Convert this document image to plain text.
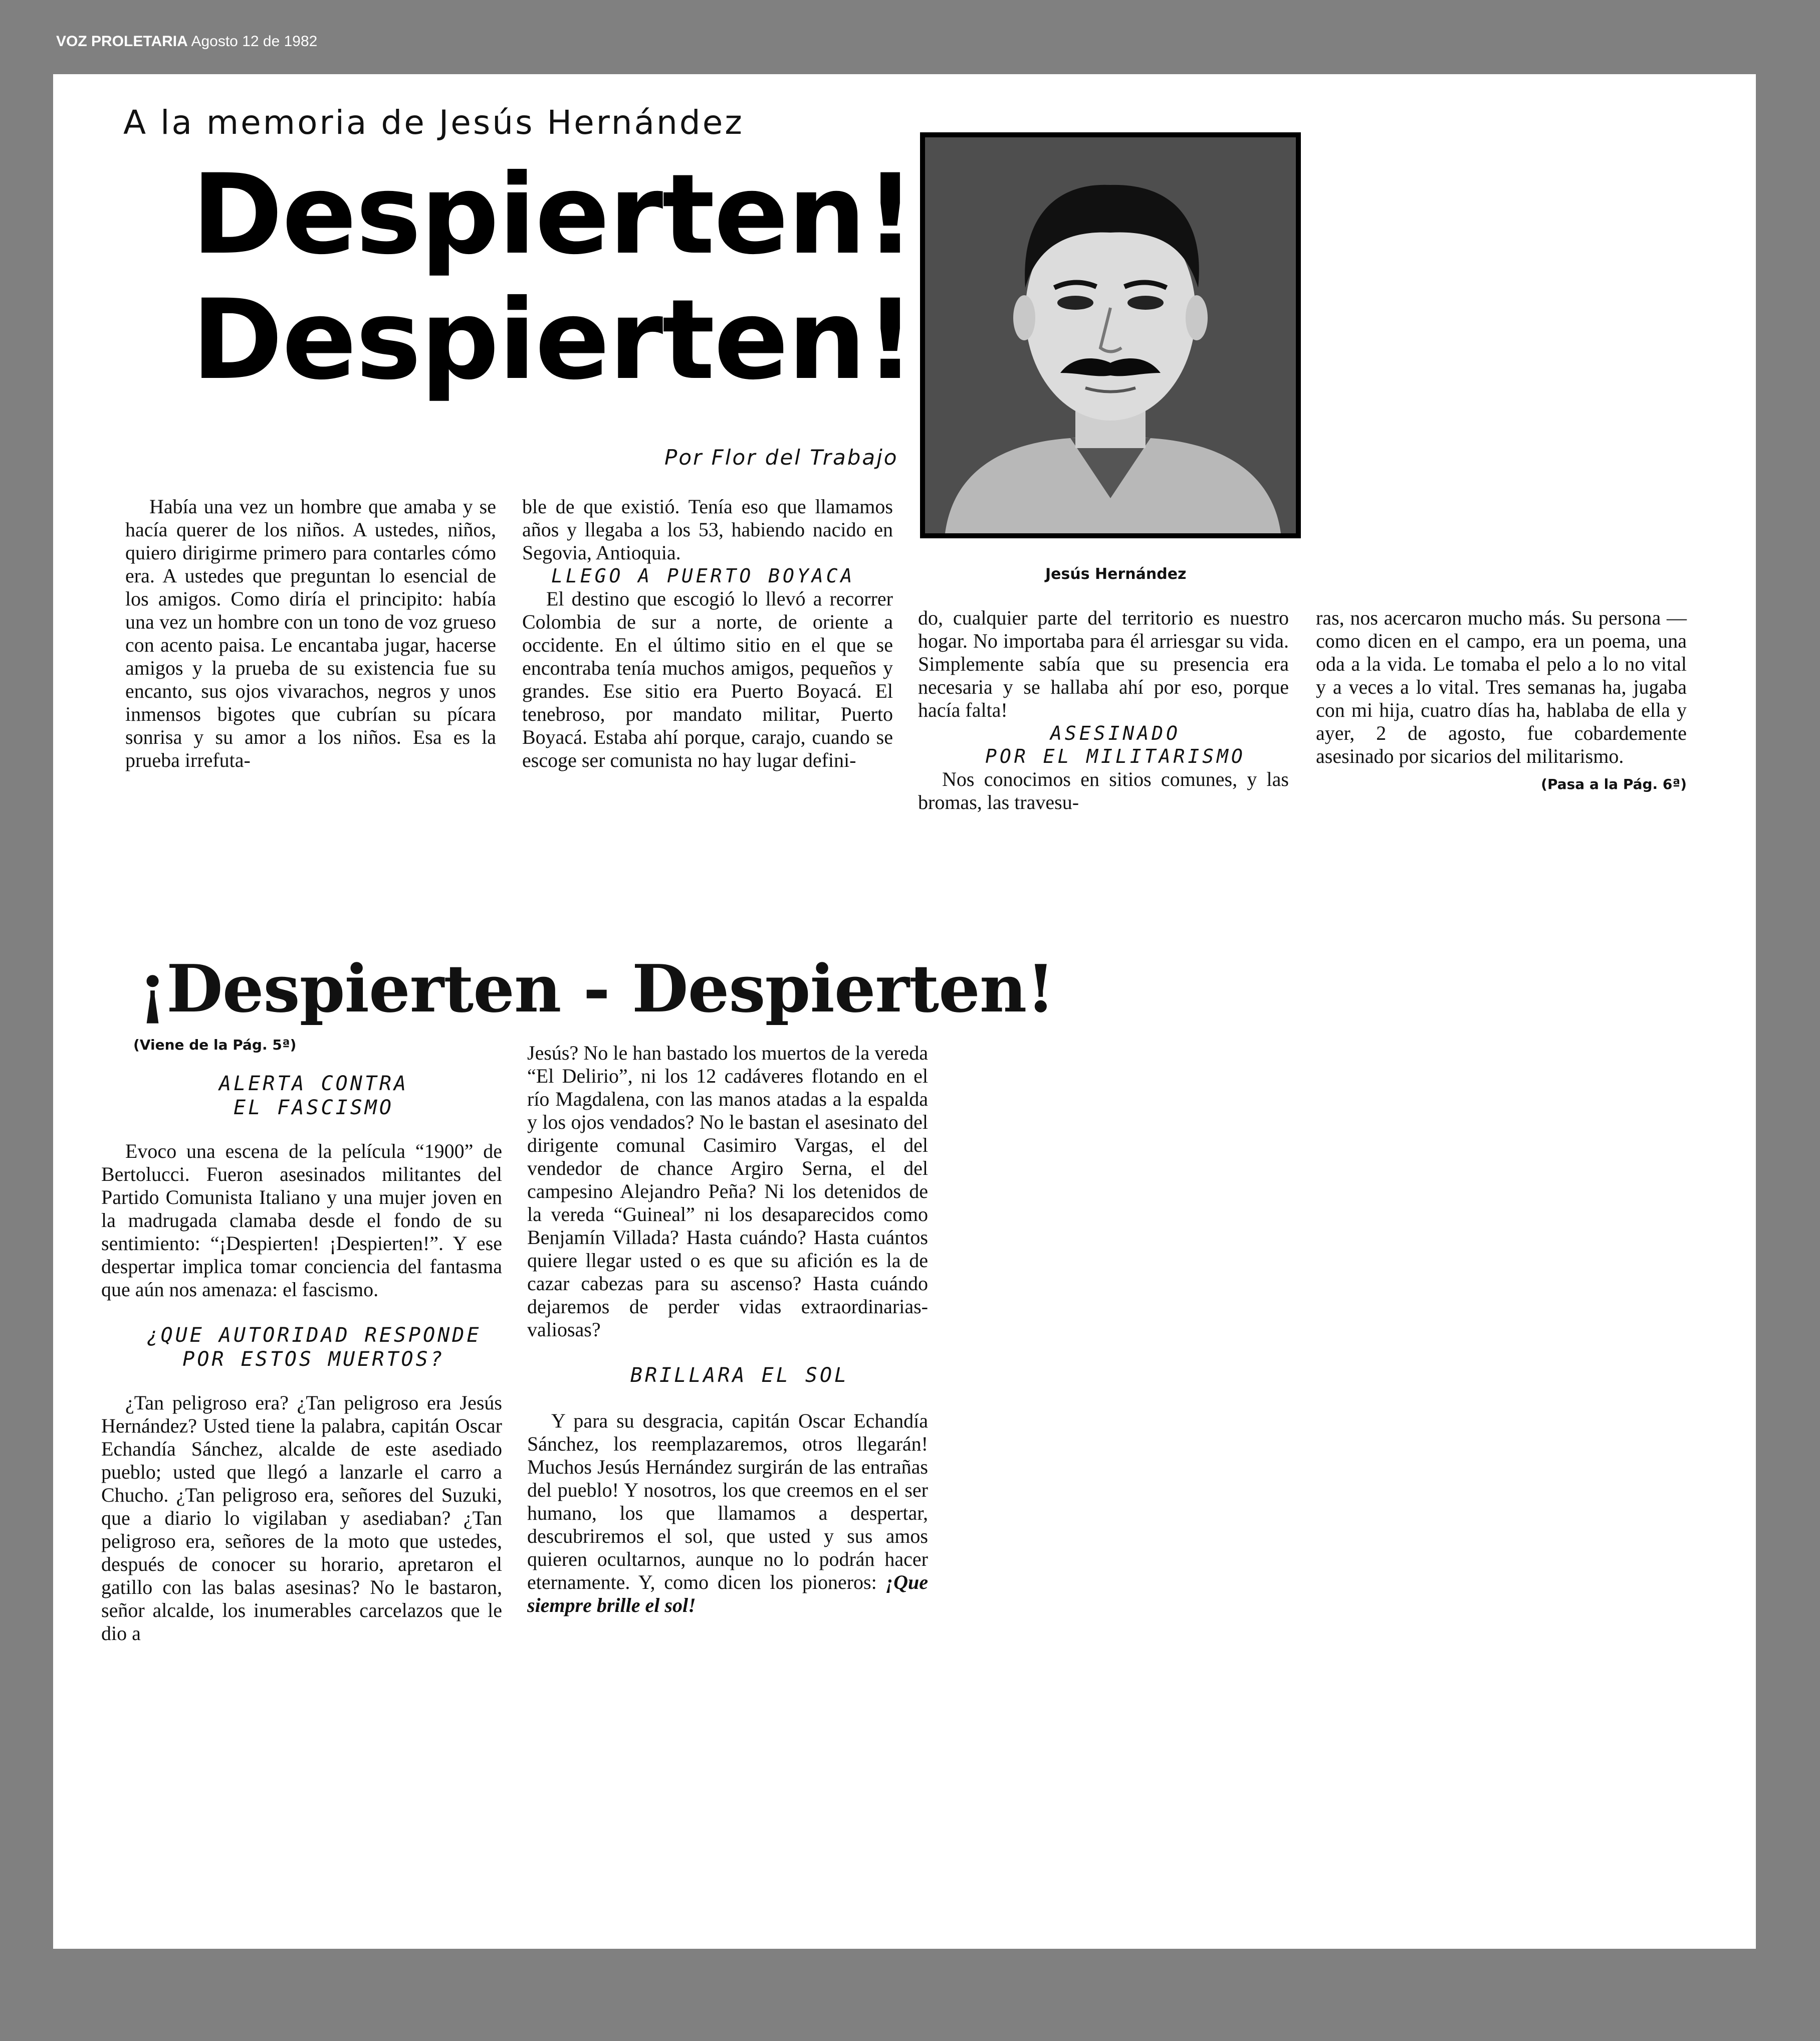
VOZ PROLETARIA Agosto 12 de 1982
A la memoria de Jesús Hernández
Despierten!
Despierten!
Por Flor del Trabajo
Jesús Hernández

Había una vez un hombre que amaba y se hacía querer de los niños. A ustedes, niños, quiero dirigirme primero para contarles cómo era. A ustedes que preguntan lo esencial de los amigos. Como diría el principito: había una vez un hombre con un tono de voz grueso con acento paisa. Le encantaba jugar, hacerse amigos y la prueba de su existencia fue su encanto, sus ojos vivarachos, negros y unos inmensos bigotes que cubrían su pícara sonrisa y su amor a los niños. Esa es la prueba irrefuta-

ble de que existió. Tenía eso que llamamos años y llegaba a los 53, habiendo nacido en Segovia, Antioquia.

LLEGO A PUERTO BOYACA

El destino que escogió lo llevó a recorrer Colombia de sur a norte, de oriente a occidente. En el último sitio en el que se encontraba tenía muchos amigos, pequeños y grandes. Ese sitio era Puerto Boyacá. El tenebroso, por mandato militar, Puerto Boyacá. Estaba ahí porque, carajo, cuando se escoge ser comunista no hay lugar defini-

do, cualquier parte del territorio es nuestro hogar. No importaba para él arriesgar su vida. Simplemente sabía que su presencia era necesaria y se hallaba ahí por eso, porque hacía falta!

ASESINADO

POR EL MILITARISMO

Nos conocimos en sitios comunes, y las bromas, las travesu-

ras, nos acercaron mucho más. Su persona —como dicen en el campo, era un poema, una oda a la vida. Le tomaba el pelo a lo no vital y a veces a lo vital. Tres semanas ha, jugaba con mi hija, cuatro días ha, hablaba de ella y ayer, 2 de agosto, fue cobardemente asesinado por sicarios del militarismo.

(Pasa a la Pág. 6ª)
¡Despierten - Despierten!
(Viene de la Pág. 5ª)

ALERTA CONTRA

EL FASCISMO

Evoco una escena de la película “1900” de Bertolucci. Fueron asesinados militantes del Partido Comunista Italiano y una mujer joven en la madrugada clamaba desde el fondo de su sentimiento: “¡Despierten! ¡Despierten!”. Y ese despertar implica tomar conciencia del fantasma que aún nos amenaza: el fascismo.

¿QUE AUTORIDAD RESPONDE

POR ESTOS MUERTOS?

¿Tan peligroso era? ¿Tan peligroso era Jesús Hernández? Usted tiene la palabra, capitán Oscar Echandía Sánchez, alcalde de este asediado pueblo; usted que llegó a lanzarle el carro a Chucho. ¿Tan peligroso era, señores del Suzuki, que a diario lo vigilaban y asediaban? ¿Tan peligroso era, señores de la moto que ustedes, después de conocer su horario, apretaron el gatillo con las balas asesinas? No le bastaron, señor alcalde, los inumerables carcelazos que le dio a

Jesús? No le han bastado los muertos de la vereda “El Delirio”, ni los 12 cadáveres flotando en el río Magdalena, con las manos atadas a la espalda y los ojos vendados? No le bastan el asesinato del dirigente comunal Casimiro Vargas, el del vendedor de chance Argiro Serna, el del campesino Alejandro Peña? Ni los detenidos de la vereda “Guineal” ni los desaparecidos como Benjamín Villada? Hasta cuándo? Hasta cuántos quiere llegar usted o es que su afición es la de cazar cabezas para su ascenso? Hasta cuándo dejaremos de perder vidas extraordinarias- valiosas?

BRILLARA EL SOL

Y para su desgracia, capitán Oscar Echandía Sánchez, los reemplazaremos, otros llegarán! Muchos Jesús Hernández surgirán de las entrañas del pueblo! Y nosotros, los que creemos en el ser humano, los que llamamos a despertar, descubriremos el sol, que usted y sus amos quieren ocultarnos, aunque no lo podrán hacer eternamente. Y, como dicen los pioneros: ¡Que siempre brille el sol!
